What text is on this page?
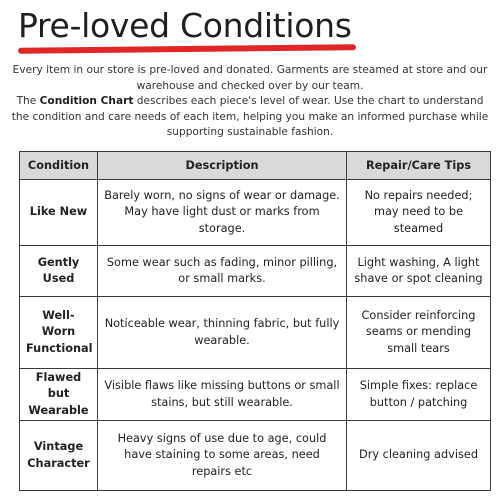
Pre-loved Conditions

Every item in our store is pre-loved and donated. Garments are steamed at store and our warehouse and checked over by our team.

The Condition Chart describes each piece's level of wear. Use the chart to understand the condition and care needs of each item, helping you make an informed purchase while supporting sustainable fashion.

Condition	Description	Repair/Care Tips
Like New	Barely worn, no signs of wear or damage. May have light dust or marks from storage.	No repairs needed; may need to be steamed
Gently Used	Some wear such as fading, minor pilling, or small marks.	Light washing, A light shave or spot cleaning
Well-Worn Functional	Noticeable wear, thinning fabric, but fully wearable.	Consider reinforcing seams or mending small tears
Flawed but Wearable	Visible flaws like missing buttons or small stains, but still wearable.	Simple fixes: replace button / patching
Vintage Character	Heavy signs of use due to age, could have staining to some areas, need repairs etc	Dry cleaning advised
